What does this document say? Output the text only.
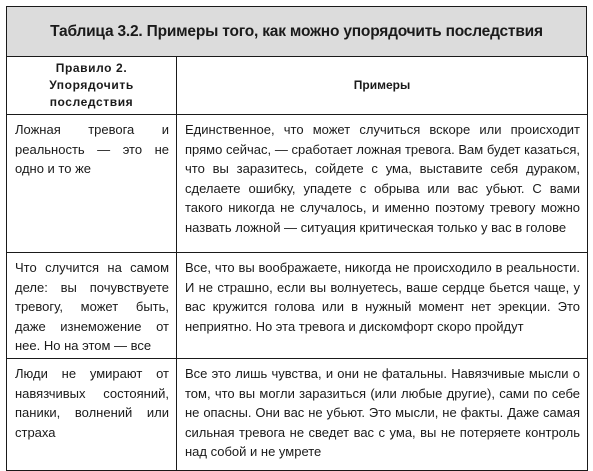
Таблица 3.2. Примеры того, как можно упорядочить последствия
Правило 2. Упорядочить последствия	Примеры
Ложная тревога и реальность — это не одно и то же	Единственное, что может случиться вскоре или происходит прямо сейчас, — сработает ложная тревога. Вам будет казаться, что вы заразитесь, сойдете с ума, выставите себя дураком, сделаете ошибку, упадете с обрыва или вас убьют. С вами такого никогда не случалось, и именно поэтому тревогу можно назвать ложной — ситуация критическая только у вас в голове
Что случится на самом деле: вы почувствуете тревогу, может быть, даже изнеможение от нее. Но на этом — все	Все, что вы воображаете, никогда не происходило в реальности. И не страшно, если вы волнуетесь, ваше сердце бьется чаще, у вас кружится голова или в нужный момент нет эрекции. Это неприятно. Но эта тревога и дискомфорт скоро пройдут
Люди не умирают от навязчивых состояний, паники, волнений или страха	Все это лишь чувства, и они не фатальны. Навязчивые мысли о том, что вы могли заразиться (или любые другие), сами по себе не опасны. Они вас не убьют. Это мысли, не факты. Даже самая сильная тревога не сведет вас с ума, вы не потеряете контроль над собой и не умрете
